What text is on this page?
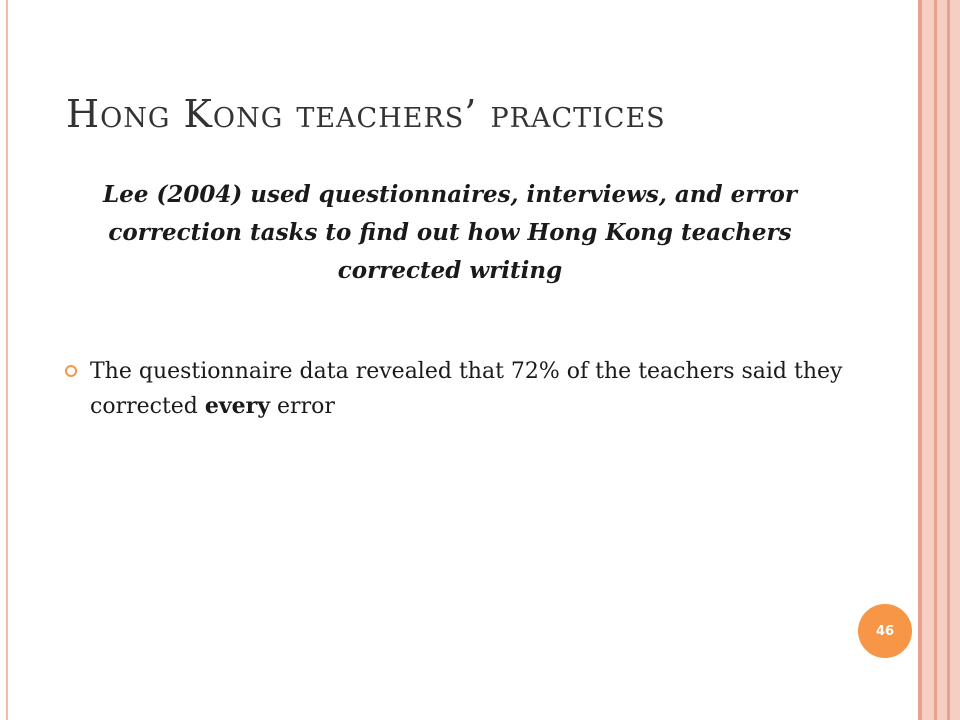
Hong Kong teachers’ practices

Lee (2004) used questionnaires, interviews, and error correction tasks to find out how Hong Kong teachers corrected writing

The questionnaire data revealed that 72% of the teachers said they corrected every error

46
